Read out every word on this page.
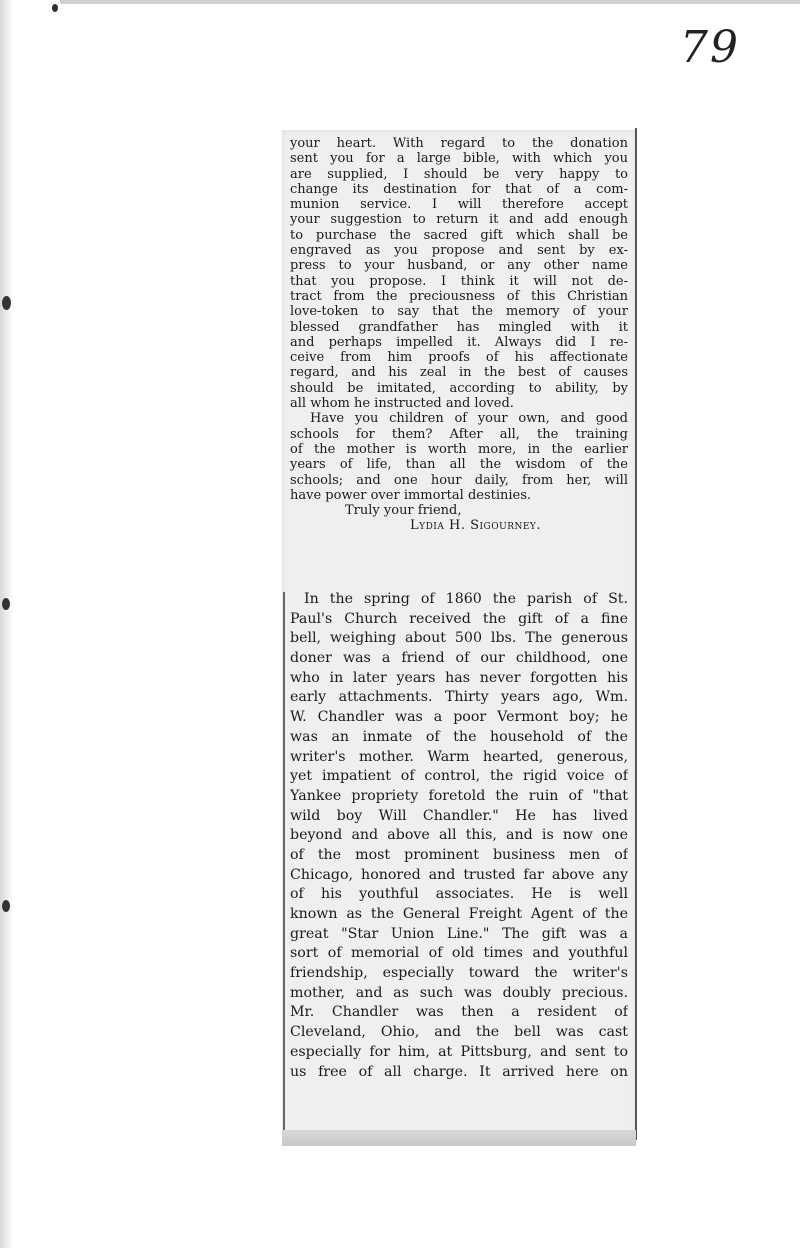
79
your heart. With regard to the donation
sent you for a large bible, with which you
are supplied, I should be very happy to
change its destination for that of a com-
munion service. I will therefore accept
your suggestion to return it and add enough
to purchase the sacred gift which shall be
engraved as you propose and sent by ex-
press to your husband, or any other name
that you propose. I think it will not de-
tract from the preciousness of this Christian
love-token to say that the memory of your
blessed grandfather has mingled with it
and perhaps impelled it. Always did I re-
ceive from him proofs of his affectionate
regard, and his zeal in the best of causes
should be imitated, according to ability, by
all whom he instructed and loved.
Have you children of your own, and good
schools for them? After all, the training
of the mother is worth more, in the earlier
years of life, than all the wisdom of the
schools; and one hour daily, from her, will
have power over immortal destinies.
Truly your friend,
Lydia H. Sigourney.
In the spring of 1860 the parish of St.
Paul's Church received the gift of a fine
bell, weighing about 500 lbs. The generous
doner was a friend of our childhood, one
who in later years has never forgotten his
early attachments. Thirty years ago, Wm.
W. Chandler was a poor Vermont boy; he
was an inmate of the household of the
writer's mother. Warm hearted, generous,
yet impatient of control, the rigid voice of
Yankee propriety foretold the ruin of "that
wild boy Will Chandler." He has lived
beyond and above all this, and is now one
of the most prominent business men of
Chicago, honored and trusted far above any
of his youthful associates. He is well
known as the General Freight Agent of the
great "Star Union Line." The gift was a
sort of memorial of old times and youthful
friendship, especially toward the writer's
mother, and as such was doubly precious.
Mr. Chandler was then a resident of
Cleveland, Ohio, and the bell was cast
especially for him, at Pittsburg, and sent to
us free of all charge. It arrived here on
